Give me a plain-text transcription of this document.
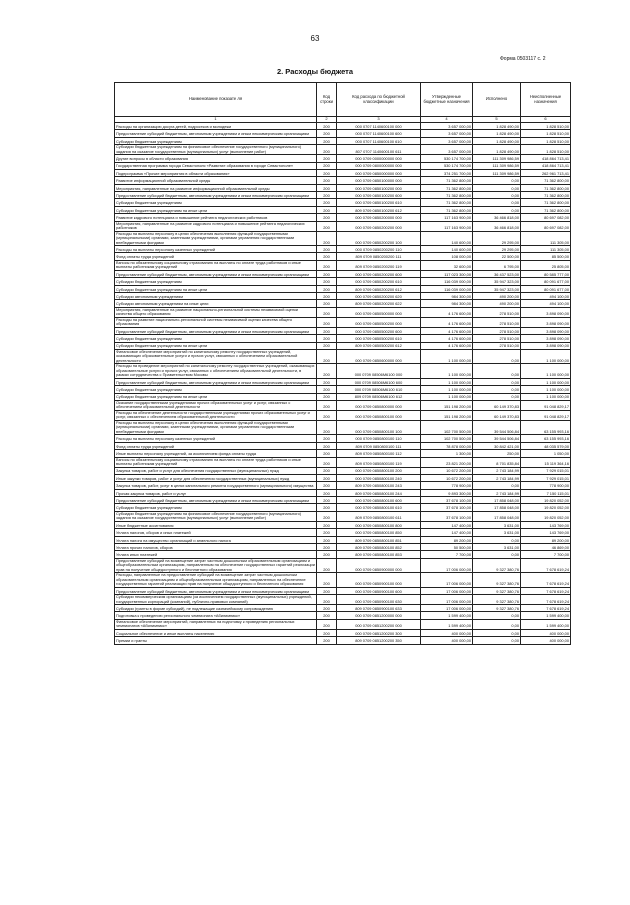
63
Форма 0503117 с. 2
2. Расходы бюджета
Наименование показате ля	Код строки	Код расхода по бюджетной классификации	Утвержденные бюджетные назначения	Исполнено	Неисполненные назначения
1	2	3	4	5	6
Расходы на организацию досуга детей, подростков и молодежи	200	000 0707 1140600100 000	3 657 000,00	1 828 490,00	1 828 510,00
Предоставление субсидий бюджетным, автономным учреждениям и иным некоммерческим организациям	200	000 0707 1140600100 600	3 657 000,00	1 828 490,00	1 828 510,00
Субсидии бюджетным учреждениям	200	000 0707 1140600100 610	3 657 000,00	1 828 490,00	1 828 510,00
Субсидии бюджетным учреждениям на финансовое обеспечение государственного (муниципального) задания на оказание государственных (муниципальных) услуг (выполнение работ)	200	807 0707 1140600100 611	3 657 000,00	1 828 490,00	1 828 510,00
Другие вопросы в области образования	200	000 0709 0000000000 000	530 174 700,00	111 309 986,59	418 864 713,41
Государственная программа города Севастополя «Развитие образования в городе Севастополе»	200	000 0709 0800000000 000	530 174 700,00	111 309 986,59	418 864 713,41
Подпрограмма «Прочие мероприятия в области образования»	200	000 0709 0850000000 000	374 251 700,00	111 309 986,59	262 961 713,41
Развитие информационной образовательной среды	200	000 0709 0850100000 000	71 362 800,00	0,00	71 362 800,00
Мероприятия, направленные на развитие информационной образовательной среды	200	000 0709 0850100200 000	71 362 800,00	0,00	71 362 800,00
Предоставление субсидий бюджетным, автономным учреждениям и иным некоммерческим организациям	200	000 0709 0850100200 600	71 362 800,00	0,00	71 362 800,00
Субсидии бюджетным учреждениям	200	000 0709 0850100200 610	71 362 800,00	0,00	71 362 800,00
Субсидии бюджетным учреждениям на иные цели	200	809 0709 0850100200 612	71 362 800,00	0,00	71 362 800,00
Развитие кадрового потенциала и повышение рейтинга педагогических работников	200	000 0709 0850200000 000	117 163 900,00	36 466 818,00	80 697 082,00
Мероприятия, направленные на развитие кадрового потенциала и повышение рейтинга педагогических работников	200	000 0709 0850200200 000	117 163 900,00	36 466 818,00	80 697 082,00
Расходы на выплаты персоналу в целях обеспечения выполнения функций государственными (муниципальными) органами, казенными учреждениями, органами управления государственными внебюджетными фондами	200	000 0709 0850200200 100	140 600,00	29 295,00	111 305,00
Расходы на выплаты персоналу казенных учреждений	200	000 0709 0850200200 110	140 600,00	29 295,00	111 305,00
Фонд оплаты труда учреждений	200	809 0709 0850200200 111	108 000,00	22 500,00	85 500,00
Взносы по обязательному социальному страхованию на выплаты по оплате труда работников и иные выплаты работникам учреждений	200	809 0709 0850200200 119	32 600,00	6 795,00	25 805,00
Предоставление субсидий бюджетным, автономным учреждениям и иным некоммерческим организациям	200	000 0709 0850200200 600	117 023 300,00	36 437 523,00	80 585 777,00
Субсидии бюджетным учреждениям	200	000 0709 0850200200 610	116 039 000,00	35 947 323,00	80 091 677,00
Субсидии бюджетным учреждениям на иные цели	200	809 0709 0850200200 612	116 039 000,00	35 947 323,00	80 091 677,00
Субсидии автономным учреждениям	200	000 0709 0850200200 620	984 300,00	490 200,00	494 100,00
Субсидии автономным учреждениям на иные цели	200	809 0709 0850200200 622	984 300,00	490 200,00	494 100,00
Мероприятия, направленные на развитие национально-региональной системы независимой оценки качества общего образования	200	000 0709 0850500000 000	4 176 600,00	278 510,00	3 898 090,00
Расходы на развитие национально-региональной системы независимой оценки качества общего образования	200	000 0709 0850500200 000	4 176 600,00	278 510,00	3 898 090,00
Предоставление субсидий бюджетным, автономным учреждениям и иным некоммерческим организациям	200	000 0709 0850500200 600	4 176 600,00	278 510,00	3 898 090,00
Субсидии бюджетным учреждениям	200	000 0709 0850500200 610	4 176 600,00	278 510,00	3 898 090,00
Субсидии бюджетным учреждениям на иные цели	200	809 0709 0850500200 612	4 176 600,00	278 510,00	3 898 090,00
Финансовое обеспечение мероприятий по капитальному ремонту государственных учреждений, оказывающих образовательные услуги и прочих услуг, связанных с обеспечением образовательной деятельности	200	000 0709 0850600000 000	1 100 000,00	0,00	1 100 000,00
Расходы на проведение мероприятий по капитальному ремонту государственных учреждений, оказывающих образовательные услуги и прочих услуг, связанных с обеспечением образовательной деятельности, в рамках сотрудничества с Правительством Москвы	200	000 0709 08506М6100 000	1 100 000,00	0,00	1 100 000,00
Предоставление субсидий бюджетным, автономным учреждениям и иным некоммерческим организациям	200	000 0709 08506М6100 600	1 100 000,00	0,00	1 100 000,00
Субсидии бюджетным учреждениям	200	000 0709 08506М6100 610	1 100 000,00	0,00	1 100 000,00
Субсидии бюджетным учреждениям на иные цели	200	809 0709 08506М6100 612	1 100 000,00	0,00	1 100 000,00
Оказание государственными учреждениями прочих образовательных услуг и услуг, связанных с обеспечением образовательной деятельности	200	000 0709 0850800000 000	151 198 200,00	60 149 370,83	91 048 829,17
Расходы на обеспечение деятельности государственными учреждениями прочих образовательных услуг и услуг, связанных с обеспечением образовательной деятельности	200	000 0709 0850800100 000	151 198 200,00	60 149 370,83	91 048 829,17
Расходы на выплаты персоналу в целях обеспечения выполнения функций государственными (муниципальными) органами, казенными учреждениями, органами управления государственными внебюджетными фондами	200	000 0709 0850800100 100	102 700 500,00	39 544 506,84	63 155 993,16
Расходы на выплаты персоналу казенных учреждений	200	000 0709 0850800100 110	102 700 500,00	39 544 506,84	63 155 993,16
Фонд оплаты труда учреждений	200	809 0709 0850800100 111	78 878 000,00	30 842 421,00	48 035 579,00
Иные выплаты персоналу учреждений, за исключением фонда оплаты труда	200	809 0709 0850800100 112	1 300,00	250,00	1 050,00
Взносы по обязательному социальному страхованию на выплаты по оплате труда работников и иные выплаты работникам учреждений	200	809 0709 0850800100 119	23 821 200,00	8 701 835,84	15 119 364,16
Закупка товаров, работ и услуг для обеспечения государственных (муниципальных) нужд	200	000 0709 0850800100 200	10 672 200,00	2 743 184,99	7 929 015,01
Иные закупки товаров, работ и услуг для обеспечения государственных (муниципальных) нужд	200	000 0709 0850800100 240	10 672 200,00	2 743 184,99	7 929 015,01
Закупка товаров, работ, услуг в целях капитального ремонта государственного (муниципального) имущества	200	809 0709 0850800100 243	778 900,00	0,00	778 900,00
Прочая закупка товаров, работ и услуг	200	809 0709 0850800100 244	9 893 300,00	2 743 184,99	7 150 115,01
Предоставление субсидий бюджетным, автономным учреждениям и иным некоммерческим организациям	200	000 0709 0850800100 600	37 678 100,00	17 858 048,00	19 820 052,00
Субсидии бюджетным учреждениям	200	000 0709 0850800100 610	37 678 100,00	17 858 048,00	19 820 052,00
Субсидии бюджетным учреждениям на финансовое обеспечение государственного (муниципального) задания на оказание государственных (муниципальных) услуг (выполнение работ)	200	809 0709 0850800100 611	37 678 100,00	17 858 048,00	19 820 052,00
Иные бюджетные ассигнования	200	000 0709 0850800100 800	147 400,00	3 631,00	143 769,00
Уплата налогов, сборов и иных платежей	200	000 0709 0850800100 850	147 400,00	3 631,00	143 769,00
Уплата налога на имущество организаций и земельного налога	200	809 0709 0850800100 851	89 200,00	0,00	89 200,00
Уплата прочих налогов, сборов	200	809 0709 0850800100 852	50 500,00	3 631,00	46 869,00
Уплата иных платежей	200	809 0709 0850800100 853	7 700,00	0,00	7 700,00
Предоставление субсидий на возмещение затрат частным дошкольным образовательным организациям и общеобразовательным организациям, направленным на обеспечение государственных гарантий реализации прав на получение общедоступного и бесплатного образования	200	000 0709 0850900000 000	17 006 000,00	9 327 380,76	7 678 619,24
Расходы, направленные на предоставление субсидий на возмещение затрат частным дошкольным образовательным организациям и общеобразовательным организациям, направленных на обеспечение государственных гарантий реализации прав на получение общедоступного и бесплатного образования	200	000 0709 0850900100 000	17 006 000,00	9 327 380,76	7 678 619,24
Предоставление субсидий бюджетным, автономным учреждениям и иным некоммерческим организациям	200	000 0709 0850900100 600	17 006 000,00	9 327 380,76	7 678 619,24
Субсидии некоммерческим организациям (за исключением государственных (муниципальных) учреждений, государственных корпораций (компаний), публично-правовых компаний)	200	000 0709 0850900100 630	17 006 000,00	9 327 380,76	7 678 619,24
Субсидии (гранты в форме субсидий), не подлежащие казначейскому сопровождению	200	809 0709 0850900100 633	17 006 000,00	9 327 380,76	7 678 619,24
Подготовка к проведению регионального чемпионата «Абилимпикс»	200	000 0709 0851200000 000	1 599 400,00	0,00	1 599 400,00
Финансовое обеспечение мероприятий, направленных на подготовку к проведению региональных чемпионатов «Абилимпикс»	200	000 0709 0851200200 000	1 599 400,00	0,00	1 599 400,00
Социальное обеспечение и иные выплаты населению	200	000 0709 0851200200 300	400 000,00	0,00	400 000,00
Премии и гранты	200	809 0709 0851200200 350	400 000,00	0,00	400 000,00
